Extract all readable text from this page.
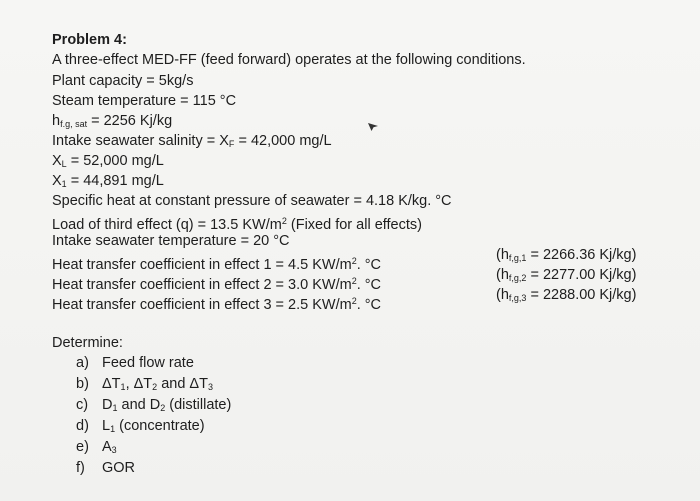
Problem 4:
A three-effect MED-FF (feed forward) operates at the following conditions.
Plant capacity = 5kg/s
Steam temperature = 115 °C
$h_{f.g, sat} = 2256$ Kj/kg
Intake seawater salinity = $X_F = 42,000$ mg/L
$X_L = 52,000$ mg/L
$X_1 = 44,891$ mg/L
Specific heat at constant pressure of seawater = 4.18 K/kg. °C
Load of third effect (q) = 13.5 $KW/m^2$ (Fixed for all effects)
Intake seawater temperature = 20 °C
Heat transfer coefficient in effect 1 = 4.5 $KW/m^2$. °C
Heat transfer coefficient in effect 2 = 3.0 $KW/m^2$. °C
Heat transfer coefficient in effect 3 = 2.5 $KW/m^2$. °C
($h_{f,g,1} = 2266.36$ Kj/kg)
($h_{f,g,2} = 2277.00$ Kj/kg)
($h_{f,g,3} = 2288.00$ Kj/kg)
Determine:
a) Feed flow rate
b) $\Delta T_1$, $\Delta T_2$ and $\Delta T_3$
c) $D_1$ and $D_2$ (distillate)
d) $L_1$ (concentrate)
e) $A_3$
f) GOR
